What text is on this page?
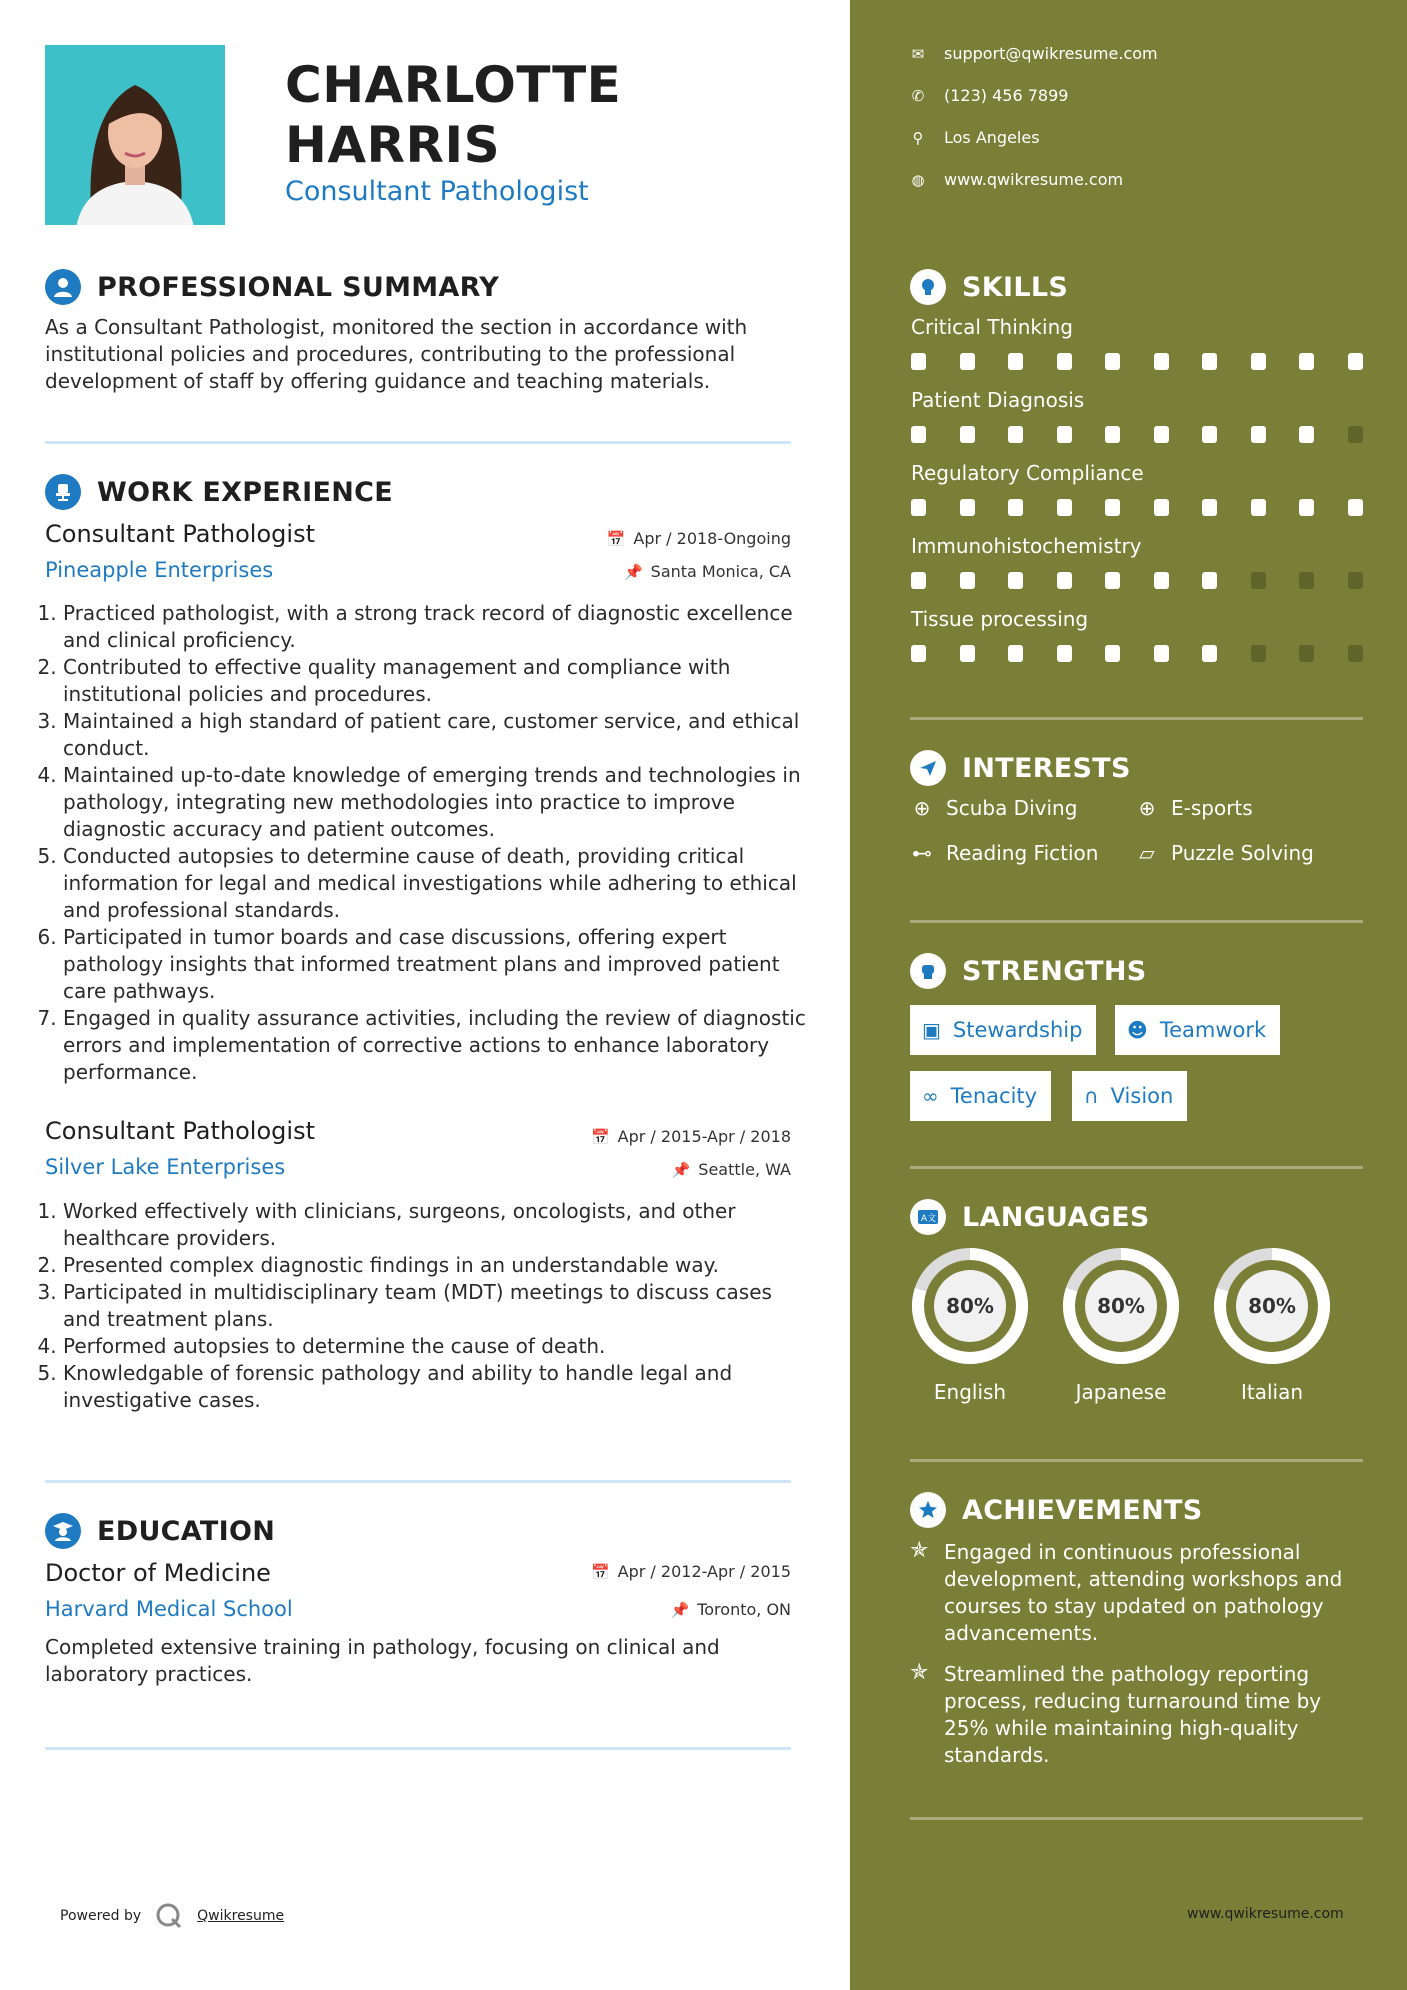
CHARLOTTE
HARRIS
Consultant Pathologist
PROFESSIONAL SUMMARY
As a Consultant Pathologist, monitored the section in accordance with institutional policies and procedures, contributing to the professional development of staff by offering guidance and teaching materials.
WORK EXPERIENCE
Consultant Pathologist	📅 Apr / 2018-Ongoing
Pineapple Enterprises	📌 Santa Monica, CA
1. Practiced pathologist, with a strong track record of diagnostic excellence and clinical proficiency.
2. Contributed to effective quality management and compliance with institutional policies and procedures.
3. Maintained a high standard of patient care, customer service, and ethical conduct.
4. Maintained up-to-date knowledge of emerging trends and technologies in pathology, integrating new methodologies into practice to improve diagnostic accuracy and patient outcomes.
5. Conducted autopsies to determine cause of death, providing critical information for legal and medical investigations while adhering to ethical and professional standards.
6. Participated in tumor boards and case discussions, offering expert pathology insights that informed treatment plans and improved patient care pathways.
7. Engaged in quality assurance activities, including the review of diagnostic errors and implementation of corrective actions to enhance laboratory performance.
Consultant Pathologist	📅 Apr / 2015-Apr / 2018
Silver Lake Enterprises	📌 Seattle, WA
1. Worked effectively with clinicians, surgeons, oncologists, and other healthcare providers.
2. Presented complex diagnostic findings in an understandable way.
3. Participated in multidisciplinary team (MDT) meetings to discuss cases and treatment plans.
4. Performed autopsies to determine the cause of death.
5. Knowledgable of forensic pathology and ability to handle legal and investigative cases.
EDUCATION
Doctor of Medicine	📅 Apr / 2012-Apr / 2015
Harvard Medical School	📌 Toronto, ON
Completed extensive training in pathology, focusing on clinical and laboratory practices.
Powered by	Qwikresume
✉ support@qwikresume.com
✆ (123) 456 7899
⚲ Los Angeles
◍ www.qwikresume.com
SKILLS
Critical Thinking
Patient Diagnosis
Regulatory Compliance
Immunohistochemistry
Tissue processing
INTERESTS
⊕ Scuba Diving	⊕ E-sports
⊷ Reading Fiction ▱ Puzzle Solving
STRENGTHS
▣ Stewardship ☻ Teamwork
∞ Tenacity ∩ Vision
A文 LANGUAGES
80%
English
80%
Japanese
80%
Italian
ACHIEVEMENTS
✯ Engaged in continuous professional development, attending workshops and courses to stay updated on pathology advancements.
✯ Streamlined the pathology reporting process, reducing turnaround time by 25% while maintaining high-quality standards.
www.qwikresume.com
